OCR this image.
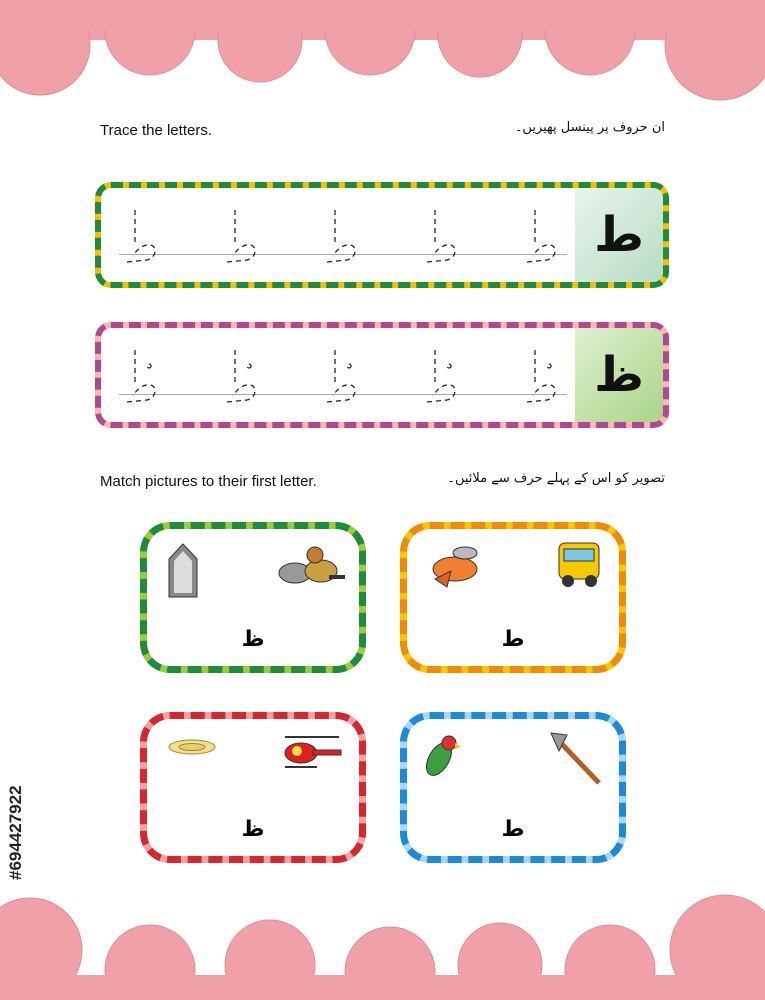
Trace the letters.	ان حروف پر پینسل پھیریں۔
ط
ظ
Match pictures to their first letter.	تصویر کو اس کے پہلے حرف سے ملائیں۔
ظ	ط
ظ	ط
#694427922
